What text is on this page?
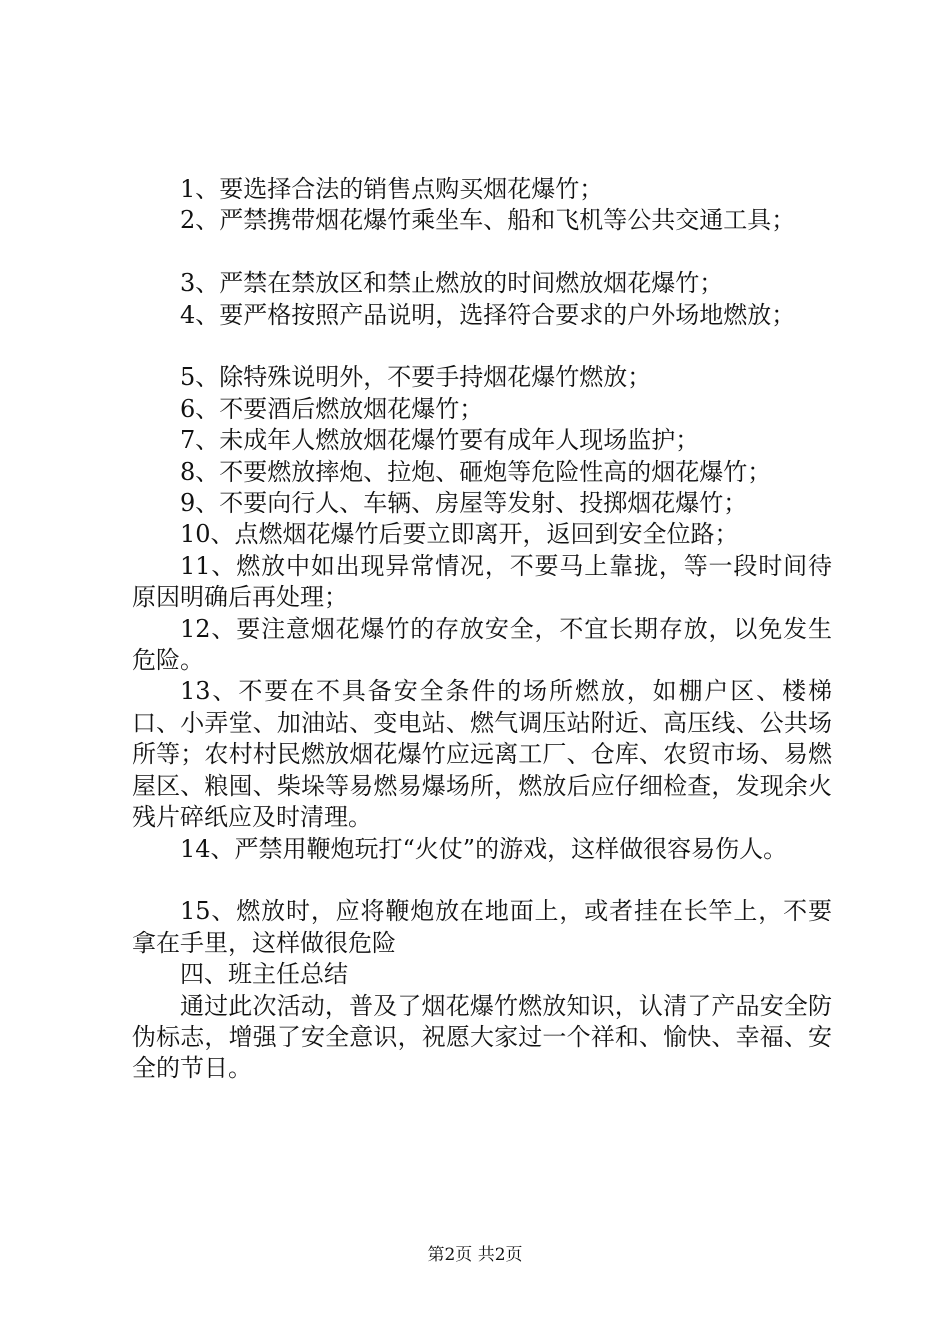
1、要选择合法的销售点购买烟花爆竹；

2、严禁携带烟花爆竹乘坐车、船和飞机等公共交通工具；

3、严禁在禁放区和禁止燃放的时间燃放烟花爆竹；

4、要严格按照产品说明，选择符合要求的户外场地燃放；

5、除特殊说明外，不要手持烟花爆竹燃放；

6、不要酒后燃放烟花爆竹；

7、未成年人燃放烟花爆竹要有成年人现场监护；

8、不要燃放摔炮、拉炮、砸炮等危险性高的烟花爆竹；

9、不要向行人、车辆、房屋等发射、投掷烟花爆竹；

10、点燃烟花爆竹后要立即离开，返回到安全位路；

11、燃放中如出现异常情况，不要马上靠拢，等一段时间待原因明确后再处理；

12、要注意烟花爆竹的存放安全，不宜长期存放，以免发生危险。

13、不要在不具备安全条件的场所燃放，如棚户区、楼梯口、小弄堂、加油站、变电站、燃气调压站附近、高压线、公共场所等；农村村民燃放烟花爆竹应远离工厂、仓库、农贸市场、易燃屋区、粮囤、柴垛等易燃易爆场所，燃放后应仔细检查，发现余火残片碎纸应及时清理。

14、严禁用鞭炮玩打“火仗”的游戏，这样做很容易伤人。

15、燃放时，应将鞭炮放在地面上，或者挂在长竿上，不要拿在手里，这样做很危险

四、班主任总结

通过此次活动，普及了烟花爆竹燃放知识，认清了产品安全防伪标志，增强了安全意识，祝愿大家过一个祥和、愉快、幸福、安全的节日。

第2页 共2页
